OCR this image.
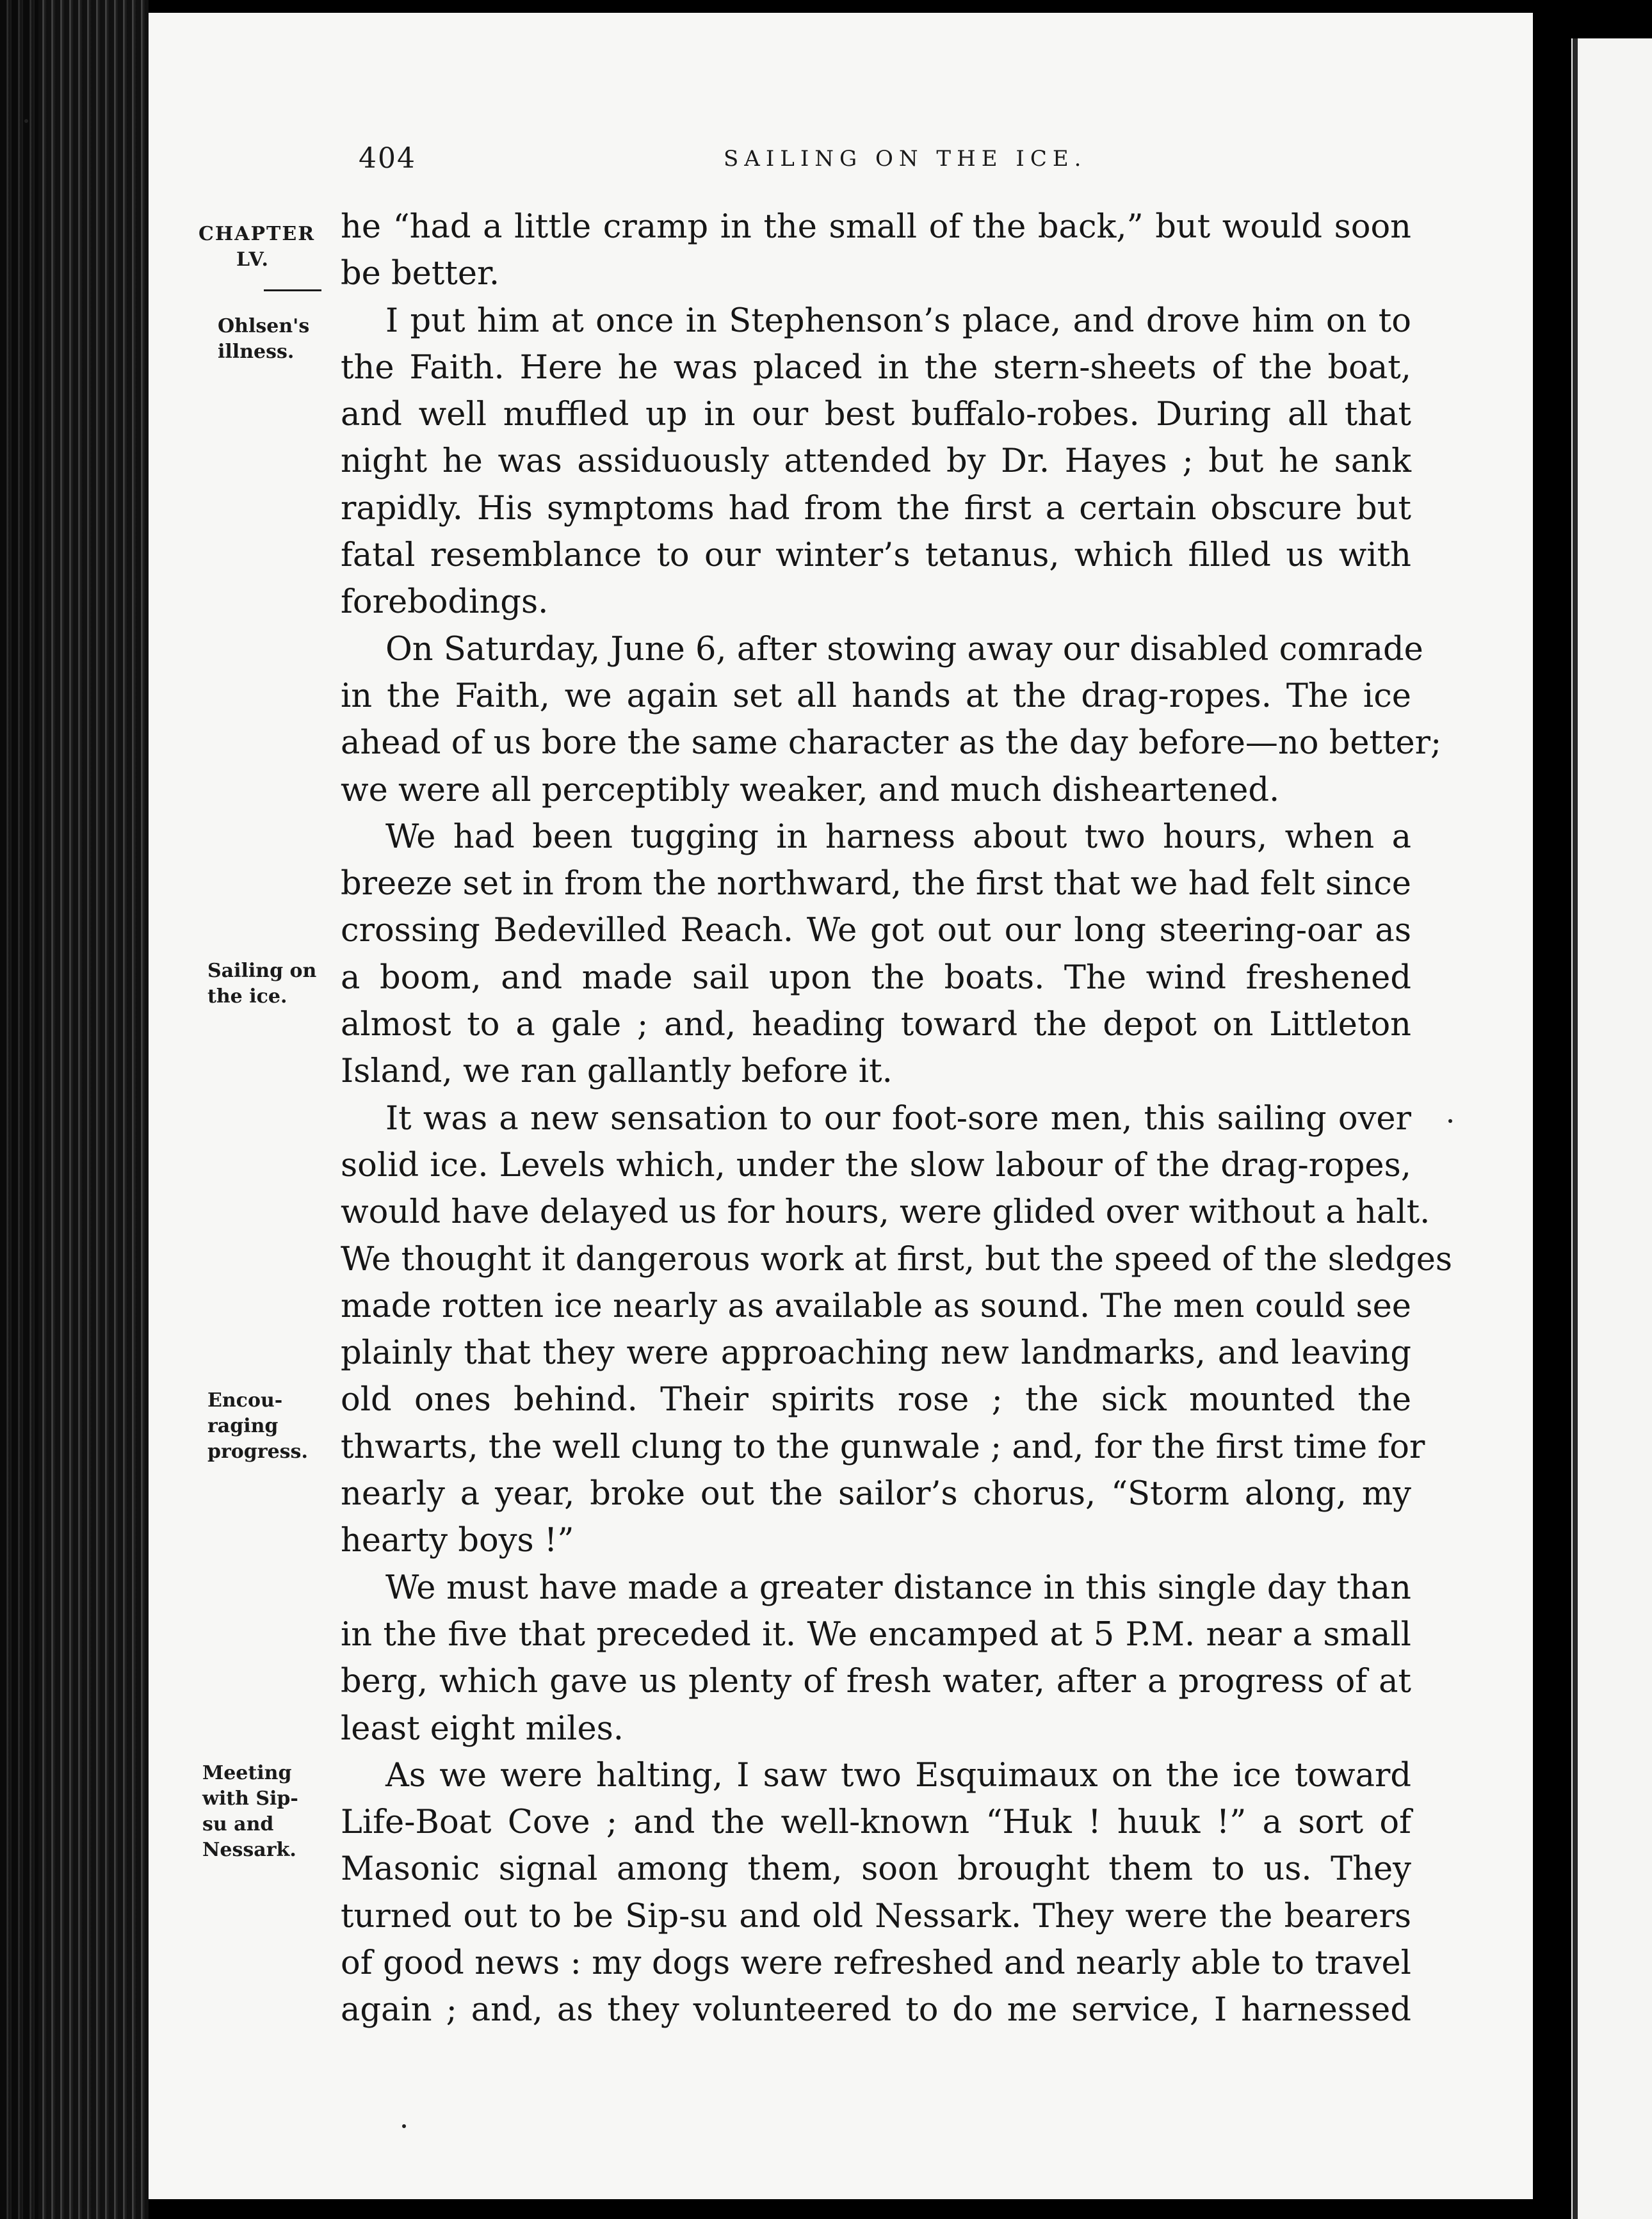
404	SAILING ON THE ICE.
CHAPTER
LV.
Ohlsen's
illness.
Sailing on
the ice.
Encou-
raging
progress.
Meeting
with Sip-
su and
Nessark.
he “had a little cramp in the small of the back,” but would soon
be better.
I put him at once in Stephenson’s place, and drove him on to
the Faith. Here he was placed in the stern-sheets of the boat,
and well muffled up in our best buffalo-robes. During all that
night he was assiduously attended by Dr. Hayes ; but he sank
rapidly. His symptoms had from the first a certain obscure but
fatal resemblance to our winter’s tetanus, which filled us with
forebodings.
On Saturday, June 6, after stowing away our disabled comrade
in the Faith, we again set all hands at the drag-ropes. The ice
ahead of us bore the same character as the day before—no better;
we were all perceptibly weaker, and much disheartened.
We had been tugging in harness about two hours, when a
breeze set in from the northward, the first that we had felt since
crossing Bedevilled Reach. We got out our long steering-oar as
a boom, and made sail upon the boats. The wind freshened
almost to a gale ; and, heading toward the depot on Littleton
Island, we ran gallantly before it.
It was a new sensation to our foot-sore men, this sailing over
solid ice. Levels which, under the slow labour of the drag-ropes,
would have delayed us for hours, were glided over without a halt.
We thought it dangerous work at first, but the speed of the sledges
made rotten ice nearly as available as sound. The men could see
plainly that they were approaching new landmarks, and leaving
old ones behind. Their spirits rose ; the sick mounted the
thwarts, the well clung to the gunwale ; and, for the first time for
nearly a year, broke out the sailor’s chorus, “Storm along, my
hearty boys !”
We must have made a greater distance in this single day than
in the five that preceded it. We encamped at 5 P.M. near a small
berg, which gave us plenty of fresh water, after a progress of at
least eight miles.
As we were halting, I saw two Esquimaux on the ice toward
Life-Boat Cove ; and the well-known “Huk ! huuk !” a sort of
Masonic signal among them, soon brought them to us. They
turned out to be Sip-su and old Nessark. They were the bearers
of good news : my dogs were refreshed and nearly able to travel
again ; and, as they volunteered to do me service, I harnessed
